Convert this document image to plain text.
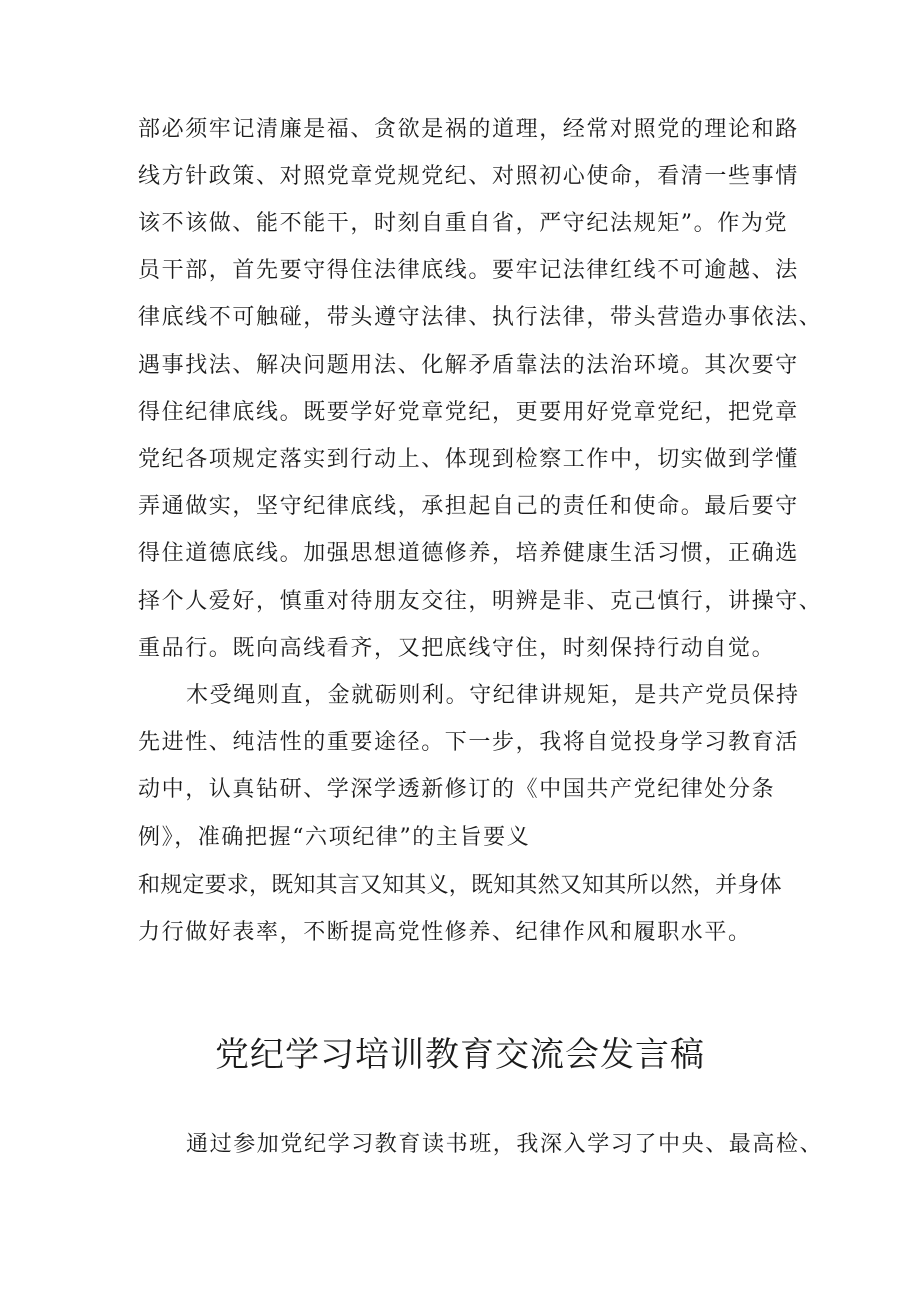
部必须牢记清廉是福、贪欲是祸的道理，经常对照党的理论和路
线方针政策、对照党章党规党纪、对照初心使命，看清一些事情
该不该做、能不能干，时刻自重自省，严守纪法规矩”。作为党
员干部，首先要守得住法律底线。要牢记法律红线不可逾越、法
律底线不可触碰，带头遵守法律、执行法律，带头营造办事依法、
遇事找法、解决问题用法、化解矛盾靠法的法治环境。其次要守
得住纪律底线。既要学好党章党纪，更要用好党章党纪，把党章
党纪各项规定落实到行动上、体现到检察工作中，切实做到学懂
弄通做实，坚守纪律底线，承担起自己的责任和使命。最后要守
得住道德底线。加强思想道德修养，培养健康生活习惯，正确选
择个人爱好，慎重对待朋友交往，明辨是非、克己慎行，讲操守、
重品行。既向高线看齐，又把底线守住，时刻保持行动自觉。
木受绳则直，金就砺则利。守纪律讲规矩，是共产党员保持
先进性、纯洁性的重要途径。下一步，我将自觉投身学习教育活
动中，认真钻研、学深学透新修订的《中国共产党纪律处分条
例》，准确把握“六项纪律”的主旨要义
和规定要求，既知其言又知其义，既知其然又知其所以然，并身体
力行做好表率，不断提高党性修养、纪律作风和履职水平。
党纪学习培训教育交流会发言稿
通过参加党纪学习教育读书班，我深入学习了中央、最高检、
